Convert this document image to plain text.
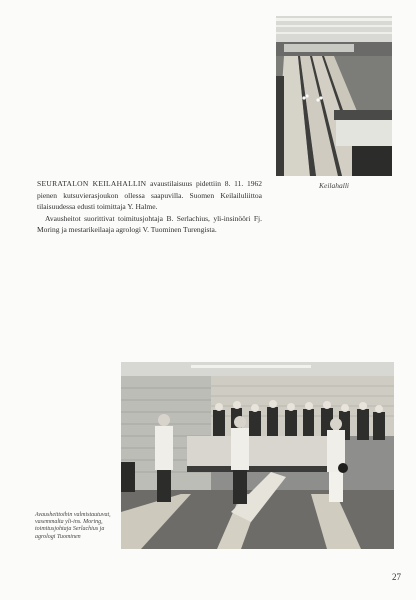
Keilahalli

SEURATALON KEILAHALLIN avaustilaisuus pidettiin 8. 11. 1962 pienen kutsuvierasjoukon ollessa saapuvilla. Suomen Keilailuliittoa tilaisuudessa edusti toimittaja Y. Halme.

Avausheitot suorittivat toimitusjohtaja B. Serlachius, yli-insinööri Fj. Moring ja mestarikeilaaja agrologi V. Tuominen Turengista.

Avausheittoihin valmistautuvat, vasemmalta yli-ins. Moring, toimitusjohtaja Serlachius ja agrologi Tuominen
27
